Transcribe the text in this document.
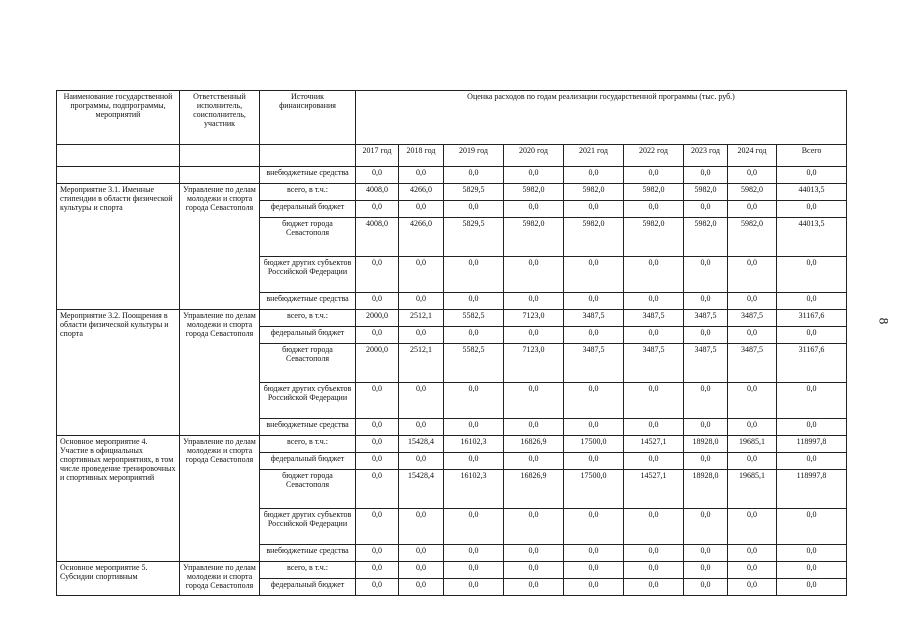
8
Наименование государственной программы, подпрограммы, мероприятий	Ответственный исполнитель, соисполнитель, участник	Источник финансирования	Оценка расходов по годам реализации государственной программы (тыс. руб.)								
			2017 год	2018 год	2019 год	2020 год	2021 год	2022 год	2023 год	2024 год	Всего
		внебюджетные средства	0,0	0,0	0,0	0,0	0,0	0,0	0,0	0,0	0,0
Мероприятие 3.1. Именные стипендии в области физической культуры и спорта	Управление по делам молодежи и спорта города Севастополя	всего, в т.ч.:	4008,0	4266,0	5829,5	5982,0	5982,0	5982,0	5982,0	5982,0	44013,5
		федеральный бюджет	0,0	0,0	0,0	0,0	0,0	0,0	0,0	0,0	0,0
		бюджет города Севастополя	4008,0	4266,0	5829,5	5982,0	5982,0	5982,0	5982,0	5982,0	44013,5
		бюджет других субъектов Российской Федерации	0,0	0,0	0,0	0,0	0,0	0,0	0,0	0,0	0,0
		внебюджетные средства	0,0	0,0	0,0	0,0	0,0	0,0	0,0	0,0	0,0
Мероприятие 3.2. Поощрения в области физической культуры и спорта	Управление по делам молодежи и спорта города Севастополя	всего, в т.ч.:	2000,0	2512,1	5582,5	7123,0	3487,5	3487,5	3487,5	3487,5	31167,6
		федеральный бюджет	0,0	0,0	0,0	0,0	0,0	0,0	0,0	0,0	0,0
		бюджет города Севастополя	2000,0	2512,1	5582,5	7123,0	3487,5	3487,5	3487,5	3487,5	31167,6
		бюджет других субъектов Российской Федерации	0,0	0,0	0,0	0,0	0,0	0,0	0,0	0,0	0,0
		внебюджетные средства	0,0	0,0	0,0	0,0	0,0	0,0	0,0	0,0	0,0
Основное мероприятие 4. Участие в официальных спортивных мероприятиях, в том числе проведение тренировочных и спортивных мероприятий	Управление по делам молодежи и спорта города Севастополя	всего, в т.ч.:	0,0	15428,4	16102,3	16826,9	17500,0	14527,1	18928,0	19685,1	118997,8
		федеральный бюджет	0,0	0,0	0,0	0,0	0,0	0,0	0,0	0,0	0,0
		бюджет города Севастополя	0,0	15428,4	16102,3	16826,9	17500,0	14527,1	18928,0	19685,1	118997,8
		бюджет других субъектов Российской Федерации	0,0	0,0	0,0	0,0	0,0	0,0	0,0	0,0	0,0
		внебюджетные средства	0,0	0,0	0,0	0,0	0,0	0,0	0,0	0,0	0,0
Основное мероприятие 5. Субсидии спортивным	Управление по делам молодежи и спорта города Севастополя	всего, в т.ч.:	0,0	0,0	0,0	0,0	0,0	0,0	0,0	0,0	0,0
		федеральный бюджет	0,0	0,0	0,0	0,0	0,0	0,0	0,0	0,0	0,0
